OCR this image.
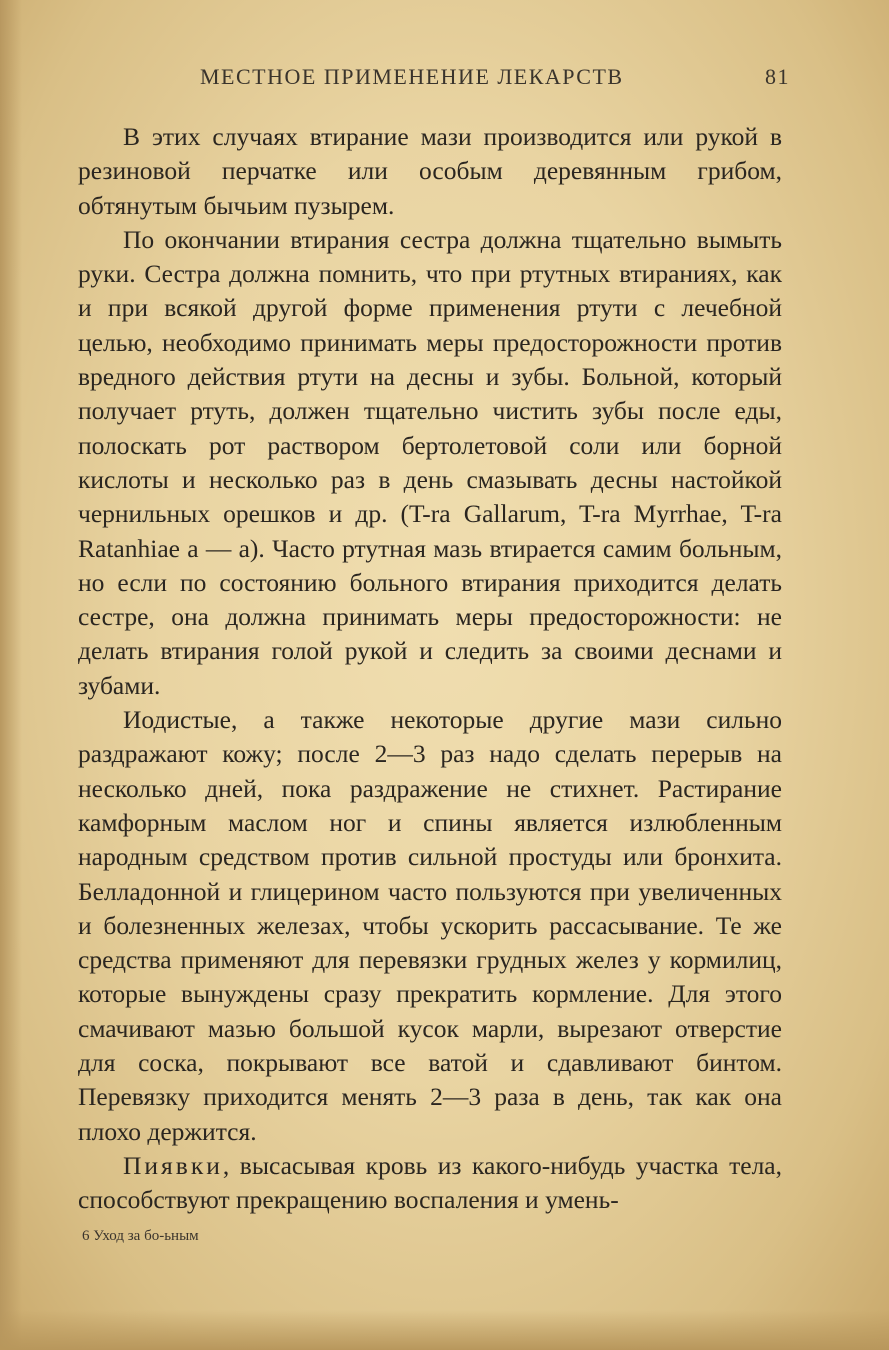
МЕСТНОЕ ПРИМЕНЕНИЕ ЛЕКАРСТВ	81

В этих случаях втирание мази производится или рукой в резиновой перчатке или особым деревянным грибом, обтянутым бычьим пузырем.

По окончании втирания сестра должна тщательно вымыть руки. Сестра должна помнить, что при ртутных втираниях, как и при всякой другой форме применения ртути с лечебной целью, необходимо принимать меры предосторожности против вредного действия ртути на десны и зубы. Больной, который получает ртуть, должен тщательно чистить зубы после еды, полоскать рот раствором бертолетовой соли или борной кислоты и несколько раз в день смазывать десны настойкой чернильных орешков и др. (T-ra Gallarum, T-ra Myrrhae, T-ra Ratanhiae a — a). Часто ртутная мазь втирается самим больным, но если по состоянию больного втирания приходится делать сестре, она должна принимать меры предосторожности: не делать втирания голой рукой и следить за своими деснами и зубами.

Иодистые, а также некоторые другие мази сильно раздражают кожу; после 2—3 раз надо сделать перерыв на несколько дней, пока раздражение не стихнет. Растирание камфорным маслом ног и спины является излюбленным народным средством против сильной простуды или бронхита. Белладонной и глицерином часто пользуются при увеличенных и болезненных железах, чтобы ускорить рассасывание. Те же средства применяют для перевязки грудных желез у кормилиц, которые вынуждены сразу прекратить кормление. Для этого смачивают мазью большой кусок марли, вырезают отверстие для соска, покрывают все ватой и сдавливают бинтом. Перевязку приходится менять 2—3 раза в день, так как она плохо держится.

Пиявки, высасывая кровь из какого-нибудь участка тела, способствуют прекращению воспаления и умень-

6 Уход за бо-ьным
